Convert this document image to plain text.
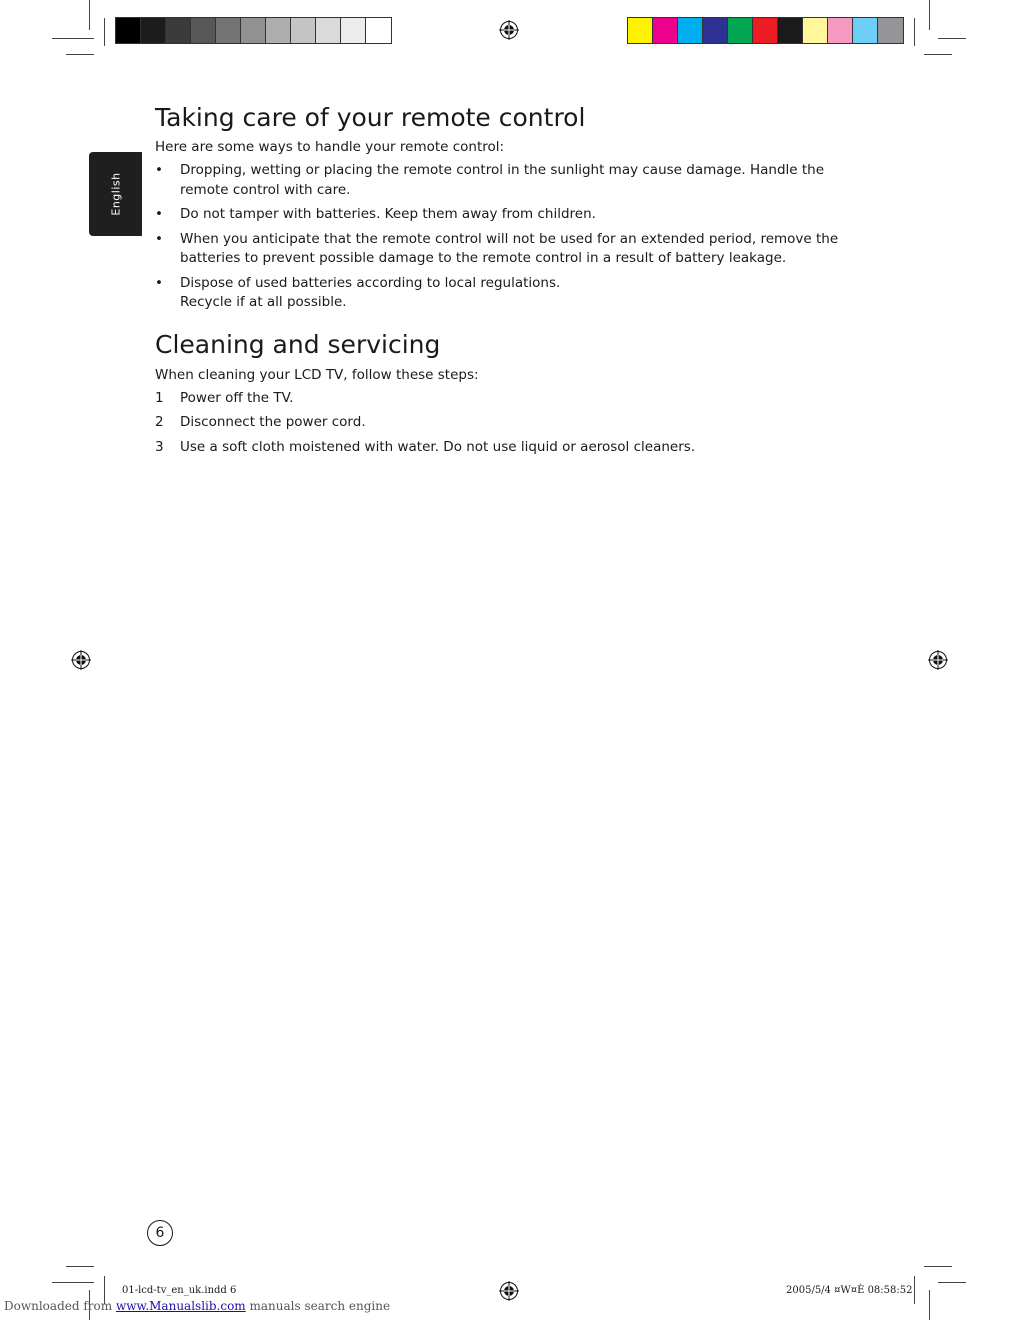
English
Taking care of your remote control

Here are some ways to handle your remote control:

• Dropping, wetting or placing the remote control in the sunlight may cause damage. Handle the remote control with care.
• Do not tamper with batteries. Keep them away from children.
• When you anticipate that the remote control will not be used for an extended period, remove the batteries to prevent possible damage to the remote control in a result of battery leakage.
• Dispose of used batteries according to local regulations.
Recycle if at all possible.
Cleaning and servicing

When cleaning your LCD TV, follow these steps:

1 Power off the TV.
2 Disconnect the power cord.
3 Use a soft cloth moistened with water. Do not use liquid or aerosol cleaners.
6
01-lcd-tv_en_uk.indd 6	2005/5/4 ¤W¤È 08:58:52
Downloaded from www.Manualslib.com manuals search engine
